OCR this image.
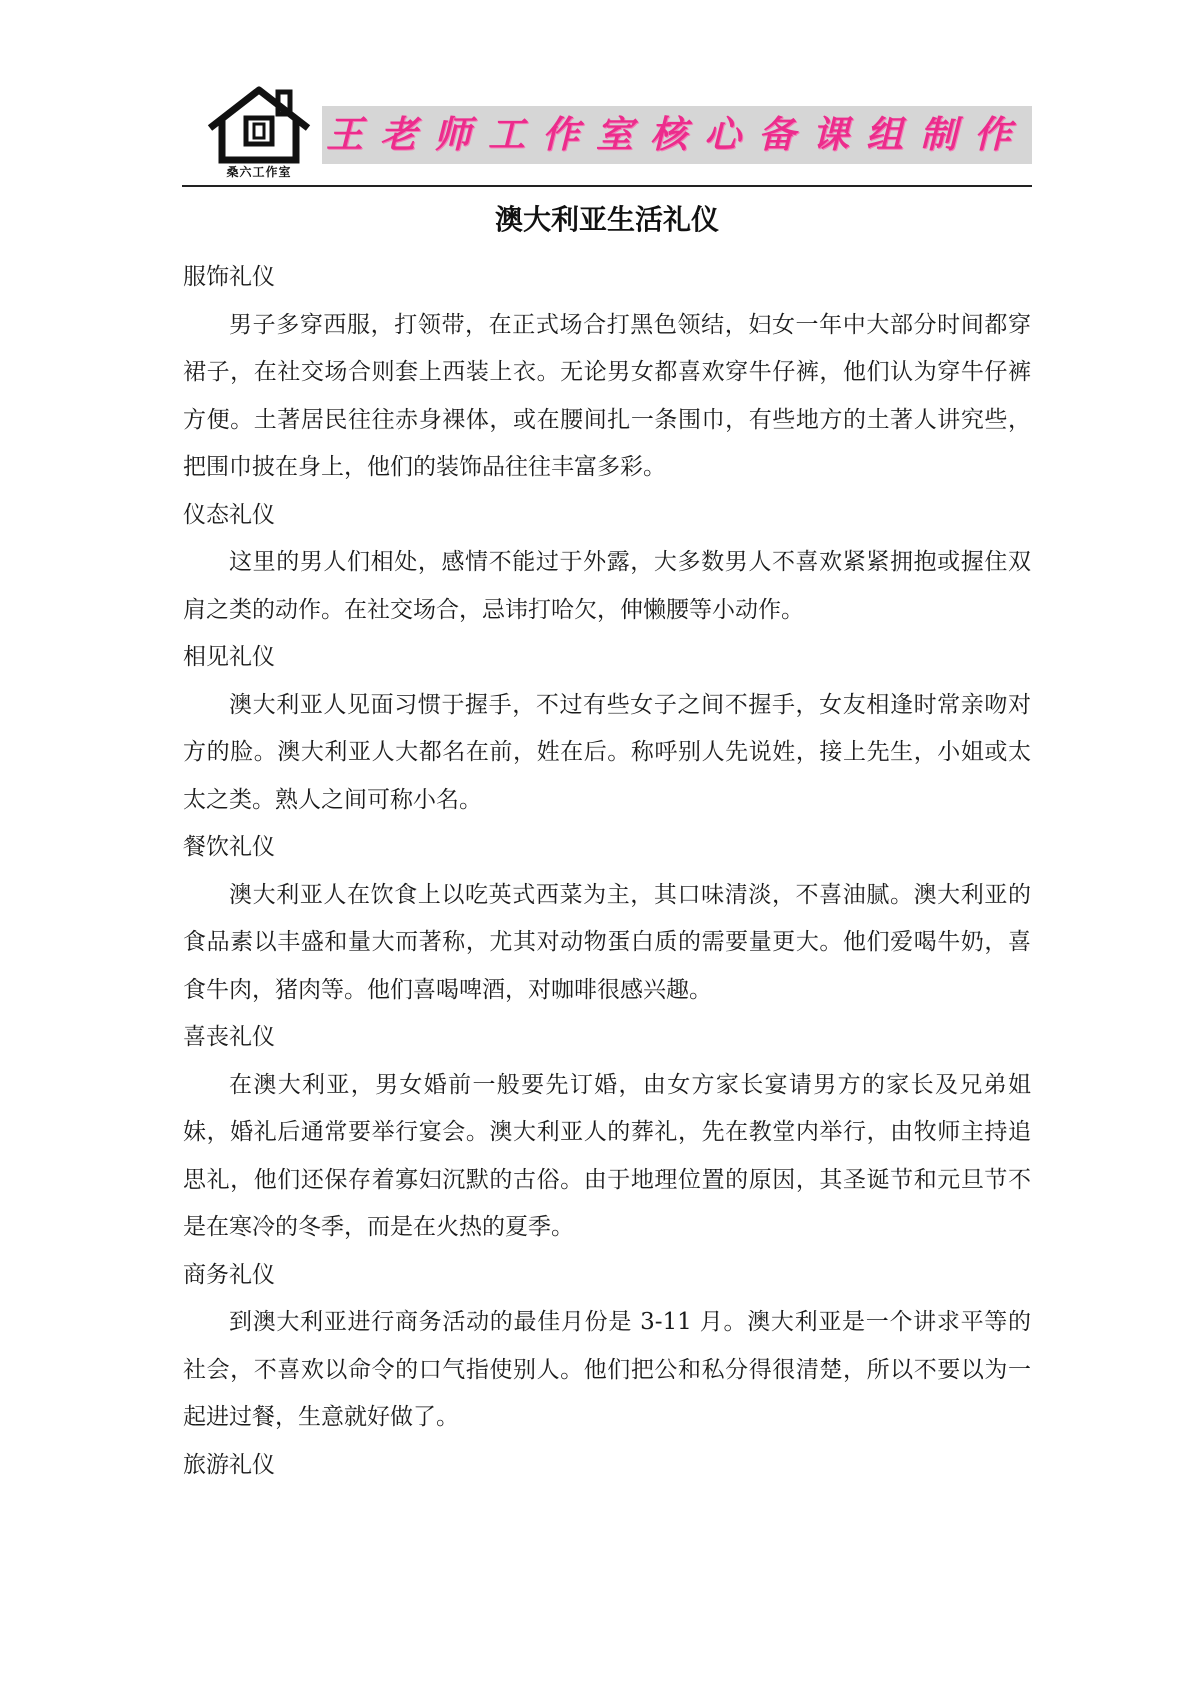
桑六工作室
王老师工作室核心备课组制作
澳大利亚生活礼仪

服饰礼仪

男子多穿西服，打领带，在正式场合打黑色领结，妇女一年中大部分时间都穿裙子，在社交场合则套上西装上衣。无论男女都喜欢穿牛仔裤，他们认为穿牛仔裤方便。土著居民往往赤身裸体，或在腰间扎一条围巾，有些地方的土著人讲究些，把围巾披在身上，他们的装饰品往往丰富多彩。

仪态礼仪

这里的男人们相处，感情不能过于外露，大多数男人不喜欢紧紧拥抱或握住双肩之类的动作。在社交场合，忌讳打哈欠，伸懒腰等小动作。

相见礼仪

澳大利亚人见面习惯于握手，不过有些女子之间不握手，女友相逢时常亲吻对方的脸。澳大利亚人大都名在前，姓在后。称呼别人先说姓，接上先生，小姐或太太之类。熟人之间可称小名。

餐饮礼仪

澳大利亚人在饮食上以吃英式西菜为主，其口味清淡，不喜油腻。澳大利亚的食品素以丰盛和量大而著称，尤其对动物蛋白质的需要量更大。他们爱喝牛奶，喜食牛肉，猪肉等。他们喜喝啤酒，对咖啡很感兴趣。

喜丧礼仪

在澳大利亚，男女婚前一般要先订婚，由女方家长宴请男方的家长及兄弟姐妹，婚礼后通常要举行宴会。澳大利亚人的葬礼，先在教堂内举行，由牧师主持追思礼，他们还保存着寡妇沉默的古俗。由于地理位置的原因，其圣诞节和元旦节不是在寒冷的冬季，而是在火热的夏季。

商务礼仪

到澳大利亚进行商务活动的最佳月份是 3-11 月。澳大利亚是一个讲求平等的社会，不喜欢以命令的口气指使别人。他们把公和私分得很清楚，所以不要以为一起进过餐，生意就好做了。

旅游礼仪
